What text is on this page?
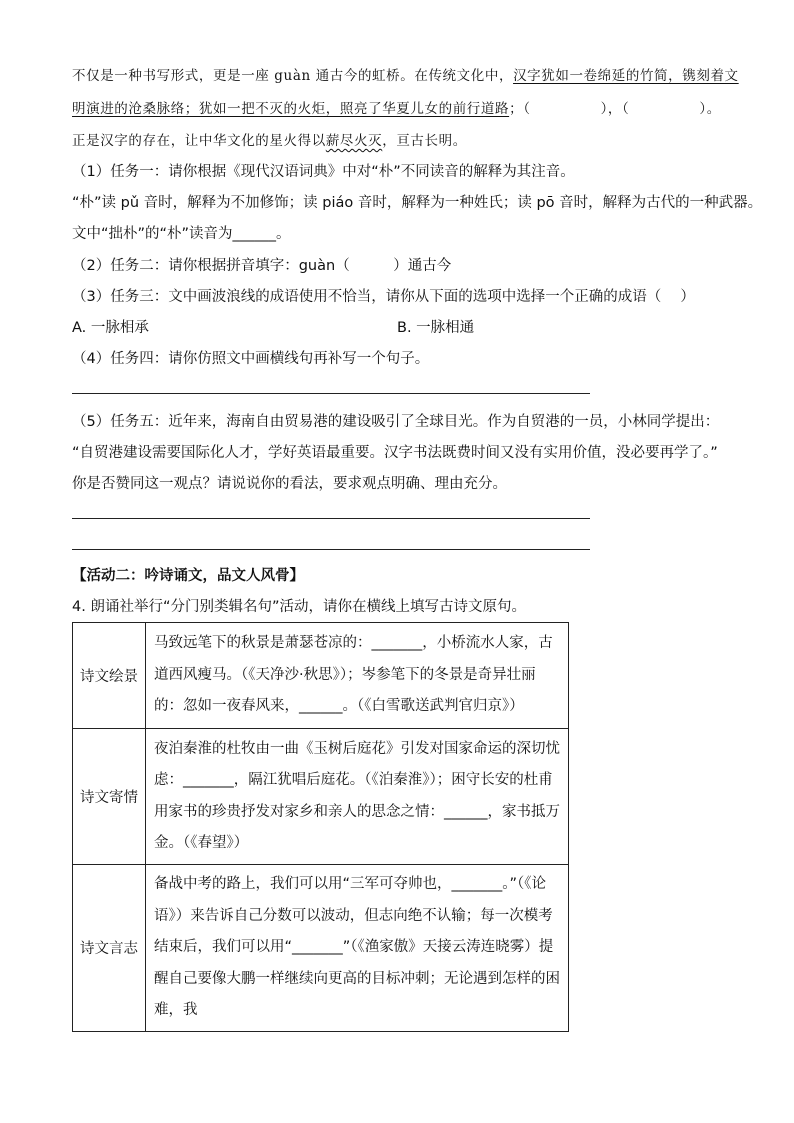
不仅是一种书写形式，更是一座 guàn 通古今的虹桥。在传统文化中，汉字犹如一卷绵延的竹简，镌刻着文
明演进的沧桑脉络；犹如一把不灭的火炬，照亮了华夏儿女的前行道路；（	），（	）。
正是汉字的存在，让中华文化的星火得以薪尽火灭，亘古长明。
（1）任务一：请你根据《现代汉语词典》中对“朴”不同读音的解释为其注音。
“朴”读 pǔ 音时，解释为不加修饰；读 piáo 音时，解释为一种姓氏；读 pō 音时，解释为古代的一种武器。
文中“拙朴”的“朴”读音为______。
（2）任务二：请你根据拼音填字：guàn（　　　）通古今
（3）任务三：文中画波浪线的成语使用不恰当，请你从下面的选项中选择一个正确的成语（　 ）
A. 一脉相承	B. 一脉相通
（4）任务四：请你仿照文中画横线句再补写一个句子。
（5）任务五：近年来，海南自由贸易港的建设吸引了全球目光。作为自贸港的一员，小林同学提出：
“自贸港建设需要国际化人才，学好英语最重要。汉字书法既费时间又没有实用价值，没必要再学了。”
你是否赞同这一观点？请说说你的看法，要求观点明确、理由充分。
【活动二：吟诗诵文，品文人风骨】
4. 朗诵社举行“分门别类辑名句”活动，请你在横线上填写古诗文原句。
诗文绘景	马致远笔下的秋景是萧瑟苍凉的：_______，小桥流水人家，古道西风瘦马。（《天净沙·秋思》）；岑参笔下的冬景是奇异壮丽的：忽如一夜春风来，______。（《白雪歌送武判官归京》）
诗文寄情	夜泊秦淮的杜牧由一曲《玉树后庭花》引发对国家命运的深切忧虑：_______，隔江犹唱后庭花。（《泊秦淮》）；困守长安的杜甫用家书的珍贵抒发对家乡和亲人的思念之情：______，家书抵万金。（《春望》）
诗文言志	备战中考的路上，我们可以用“三军可夺帅也，_______。”（《论语》）来告诉自己分数可以波动，但志向绝不认输；每一次模考结束后，我们可以用“_______”（《渔家傲》天接云涛连晓雾）提醒自己要像大鹏一样继续向更高的目标冲刺；无论遇到怎样的困难，我
